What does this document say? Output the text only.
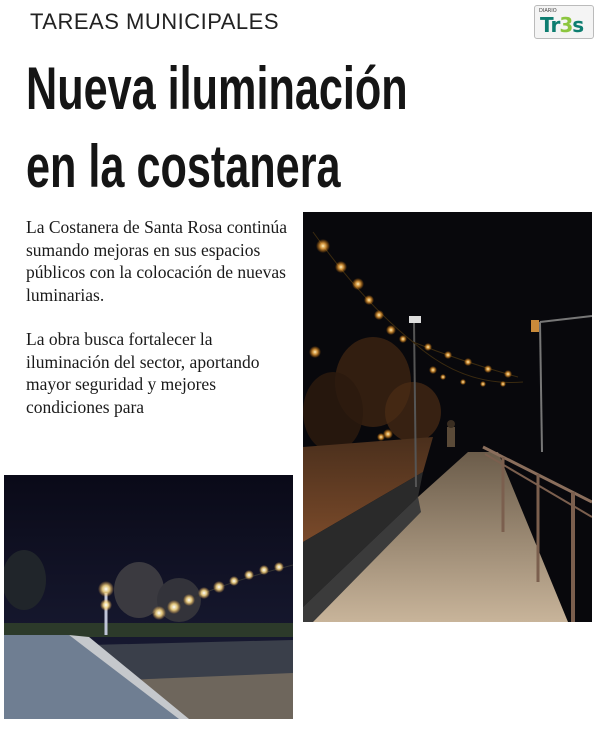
TAREAS MUNICIPALES	DIARIO
Tr3s
Nueva iluminación
en la costanera

La Costanera de Santa Rosa continúa sumando mejoras en sus espacios públicos con la colocación de nuevas luminarias.

La obra busca fortalecer la iluminación del sector, aportando mayor seguridad y mejores condiciones para
